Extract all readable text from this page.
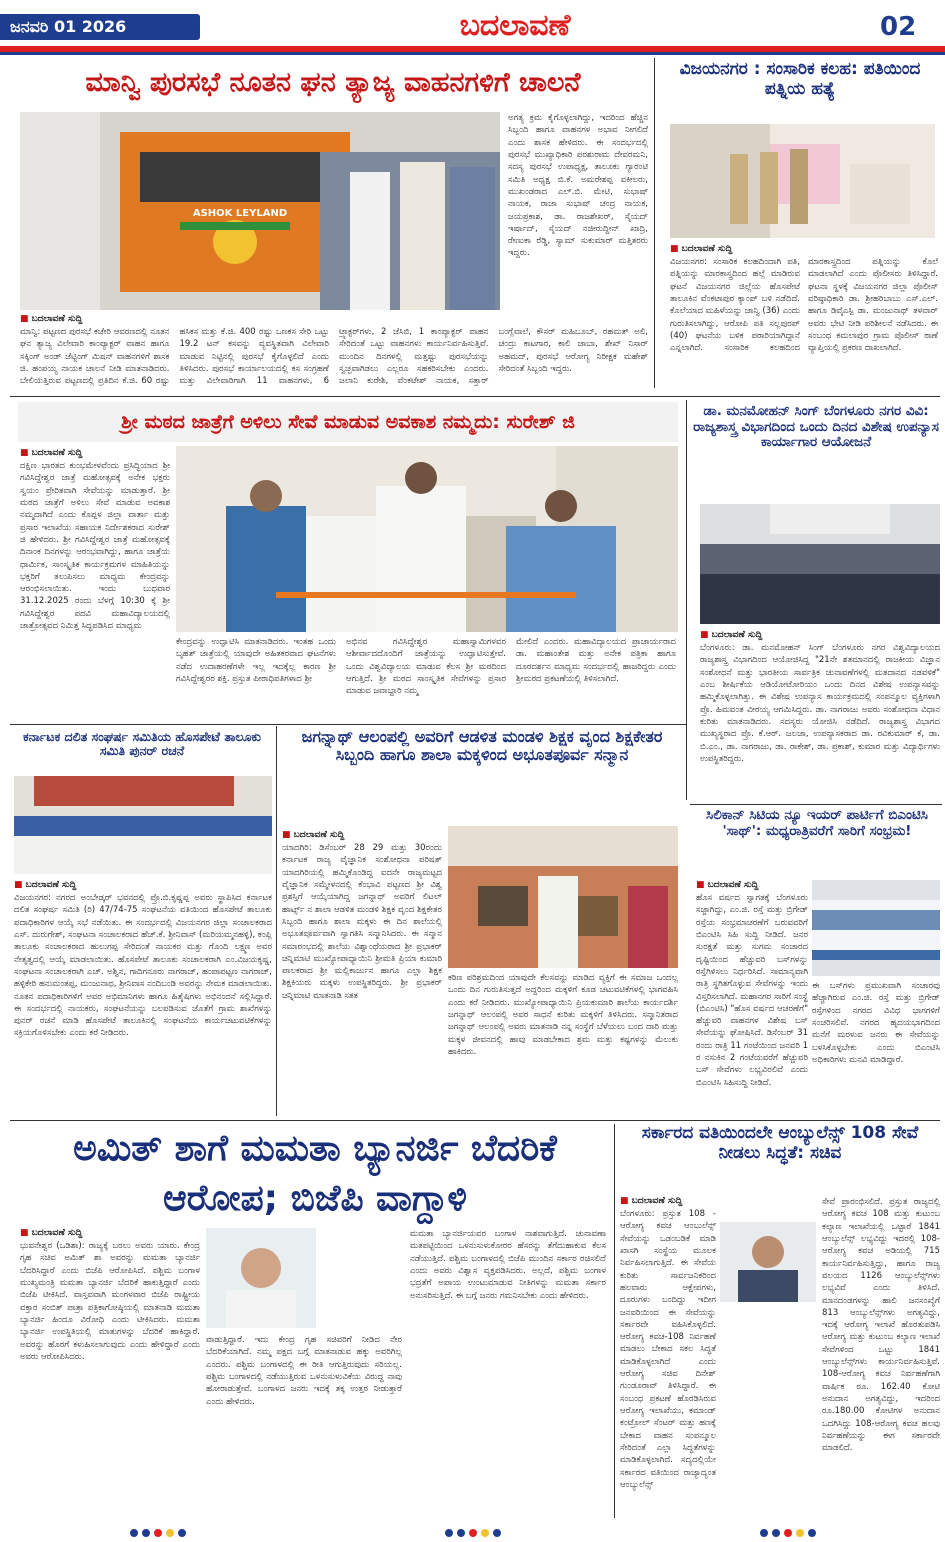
ಜನವರಿ 01 2026	ಬದಲಾವಣೆ	02
ಮಾನ್ವಿ ಪುರಸಭೆ ನೂತನ ಘನ ತ್ಯಾಜ್ಯ ವಾಹನಗಳಿಗೆ ಚಾಲನೆ
ASHOK LEYLAND
■ ಬದಲಾವಣೆ ಸುದ್ದಿ
ಅಗತ್ಯ ಕ್ರಮ ಕೈಗೊಳ್ಳಲಾಗಿದ್ದು, ಇದರಿಂದ ಹೆಚ್ಚಿನ ಸಿಬ್ಬಂದಿ ಹಾಗೂ ವಾಹನಗಳ ಅಭಾವ ನೀಗಲಿದೆ ಎಂದು ಶಾಸಕ ಹೇಳಿದರು. ಈ ಸಂದರ್ಭದಲ್ಲಿ ಪುರಸಭೆ ಮುಖ್ಯಾಧಿಕಾರಿ ಪರಶುರಾಮ ದೇವರಮನಿ, ಸದಸ್ಯ ಪುರಸಭೆ ಉಪಾಧ್ಯಕ್ಷ, ತಾಲೂಕು ಗ್ಯಾರಂಟಿ ಸಮಿತಿ ಅಧ್ಯಕ್ಷ ಬಿ.ಕೆ. ಅಮರೇಶಪ್ಪ ವಕೀಲರು, ಮುಖಂಡರಾದ ಎಲ್.ಬಿ. ಮೇಟಿ, ಸುಭಾಷ್ ನಾಯಕ, ರಾಜಾ ಸುಭಾಷ್ ಚಂದ್ರ ನಾಯಕ, ಜಯಪ್ರಕಾಶ, ಡಾ. ರಾಜಶೇಖರ್, ಸೈಯದ್ ಇರ್ಷಾದ್, ಸೈಯದ್ ನಜೀರುದ್ದೀನ್ ಖಾದ್ರಿ, ರೇಣುಕಾ ರೆಡ್ಡಿ, ಸ್ಯಾಮ್ ಸುಕುಮಾರ್ ಮತ್ತಿತರರು ಇದ್ದರು.
ಮಾನ್ವಿ: ಪಟ್ಟಣದ ಪುರಸಭೆ ಕಚೇರಿ ಆವರಣದಲ್ಲಿ ನೂತನ ಘನ ತ್ಯಾಜ್ಯ ವಿಲೇವಾರಿ ಕಾಂಪ್ಯಾಕ್ಟರ್ ವಾಹನ ಹಾಗೂ ಸಕ್ಕಿಂಗ್ ಅಂಡ್ ಜೆಟ್ಟಿಂಗ್ ಮಿಷನ್ ವಾಹನಗಳಿಗೆ ಶಾಸಕ ಜಿ. ಹಂಪಯ್ಯ ನಾಯಕ ಚಾಲನೆ ನೀಡಿ ಮಾತನಾಡಿದರು. ಬೇಲಿಯತ್ತಿರುವ ಪಟ್ಟಣದಲ್ಲಿ ಪ್ರತಿದಿನ ಕೆ.ಜಿ. 60 ರಷ್ಟು ಹಸಿಕಸ ಮತ್ತು ಕೆ.ಜಿ. 400 ರಷ್ಟು ಒಣಕಸ ಸೇರಿ ಒಟ್ಟು 19.2 ಟನ್ ಕಸವನ್ನು ವ್ಯವಸ್ಥಿತವಾಗಿ ವಿಲೇವಾರಿ ಮಾಡುವ ನಿಟ್ಟಿನಲ್ಲಿ ಪುರಸಭೆ ಕೈಗೊಳ್ಳಲಿದೆ ಎಂದು ತಿಳಿಸಿದರು. ಪುರಸಭೆ ಕಾರ್ಯಾಲಯದಲ್ಲಿ ಕಸ ಸಂಗ್ರಹಣೆ ಮತ್ತು ವಿಲೇವಾರಿಗಾಗಿ 11 ವಾಹನಗಳು, 6 ಟ್ರ್ಯಾಕ್ಟರ್‌ಗಳು, 2 ಜೆಸಿಬಿ, 1 ಕಾಂಪ್ಯಾಕ್ಟರ್ ವಾಹನ ಸೇರಿದಂತೆ ಒಟ್ಟು ವಾಹನಗಳು ಕಾರ್ಯನಿರ್ವಹಿಸುತ್ತಿವೆ. ಮುಂದಿನ ದಿನಗಳಲ್ಲಿ ಮತ್ತಷ್ಟು ಪುರಸಭೆಯನ್ನು ಸ್ವಚ್ಛವಾಗಿಡಲು ಎಲ್ಲರೂ ಸಹಕರಿಸಬೇಕು ಎಂದರು. ಜಲಾನಿ ಕುರೇಶಿ, ವೆಂಕಟೇಶ್ ನಾಯಕ, ಸತ್ತಾರ್ ಬಂಗ್ಲೆವಾಲೆ, ಕೌಸರ್ ಮಹಿಬೂಬ್, ರಹಮತ್ ಅಲಿ, ಚಂದ್ರು ಕಾಟಗಾರ, ಕಾಲಿ ಜಾಬಾ, ಶೇಖ್ ನಿಸಾರ್ ಅಹಮದ್, ಪುರಸಭೆ ಆರೋಗ್ಯ ನಿರೀಕ್ಷಕ ಮಹೇಶ್ ಸೇರಿದಂತೆ ಸಿಬ್ಬಂದಿ ಇದ್ದರು.
ವಿಜಯನಗರ : ಸಂಸಾರಿಕ ಕಲಹ: ಪತಿಯಿಂದ ಪತ್ನಿಯ ಹತ್ಯೆ
■ ಬದಲಾವಣೆ ಸುದ್ದಿ
ವಿಜಯನಗರ: ಸಂಸಾರಿಕ ಕಲಹದಿಂದಾಗಿ ಪತಿ, ಪತ್ನಿಯನ್ನು ಮಾರಕಾಸ್ತ್ರದಿಂದ ಹಲ್ಲೆ ಮಾಡಿರುವ ಘಟನೆ ವಿಜಯನಗರ ಜಿಲ್ಲೆಯ ಹೊಸಪೇಟೆ ತಾಲೂಕಿನ ವೆಂಕಟಾಪುರ ಕ್ಯಾಂಪ್ ಬಳಿ ನಡೆದಿದೆ. ಕೊಲೆಯಾದ ಮಹಿಳೆಯನ್ನು ಜಾನ್ವಿ (36) ಎಂದು ಗುರುತಿಸಲಾಗಿದ್ದು, ಆರೋಪಿ ಪತಿ ಸಲ್ಲಪುರಪ್ (40) ಘಟನೆಯ ಬಳಿಕ ಪರಾರಿಯಾಗಿದ್ದಾನೆ ಎನ್ನಲಾಗಿದೆ. ಸಂಸಾರಿಕ ಕಲಹದಿಂದ ಮಾರಕಾಸ್ತ್ರದಿಂದ ಪತ್ನಿಯನ್ನು ಕೊಲೆ ಮಾಡಲಾಗಿದೆ ಎಂದು ಪೊಲೀಸರು ತಿಳಿಸಿದ್ದಾರೆ. ಘಟನಾ ಸ್ಥಳಕ್ಕೆ ವಿಜಯನಗರ ಜಿಲ್ಲಾ ಪೊಲೀಸ್ ವರಿಷ್ಠಾಧಿಕಾರಿ ಡಾ. ಶ್ರೀಹರಿಬಾಬು ಎಸ್.ಎಲ್. ಹಾಗೂ ಡಿವೈಎಸ್ಪಿ ಡಾ. ಮಂಜುನಾಥ್ ತಳವಾರ್ ಅವರು ಭೇಟಿ ನೀಡಿ ಪರಿಶೀಲನೆ ನಡೆಸಿದರು. ಈ ಸಂಬಂಧ ಕಮಲಾಪುರ ಗ್ರಾಮ ಪೊಲೀಸ್ ಠಾಣೆ ವ್ಯಾಪ್ತಿಯಲ್ಲಿ ಪ್ರಕರಣ ದಾಖಲಾಗಿದೆ.
ಶ್ರೀ ಮಠದ ಜಾತ್ರೆಗೆ ಅಳಿಲು ಸೇವೆ ಮಾಡುವ ಅವಕಾಶ ನಮ್ಮದು: ಸುರೇಶ್ ಜಿ
■ ಬದಲಾವಣೆ ಸುದ್ದಿ
ದಕ್ಷಿಣ ಭಾರತದ ಕುಂಭಮೇಳವೆಂದು ಪ್ರಸಿದ್ಧಿಯಾದ ಶ್ರೀ ಗವಿಸಿದ್ದೇಶ್ವರ ಜಾತ್ರೆ ಮಹೋತ್ಸವಕ್ಕೆ ಅನೇಕ ಭಕ್ತರು ಸ್ವಯಂ ಪ್ರೇರಿತವಾಗಿ ಸೇವೆಯನ್ನು ಮಾಡುತ್ತಾರೆ. ಶ್ರೀ ಮಠದ ಜಾತ್ರೆಗೆ ಅಳಿಲು ಸೇವೆ ಮಾಡುವ ಅವಕಾಶ ನಮ್ಮದಾಗಿದೆ ಎಂದು ಕೊಪ್ಪಳ ಜಿಲ್ಲಾ ವಾರ್ತಾ ಮತ್ತು ಪ್ರಸಾರ ಇಲಾಖೆಯ ಸಹಾಯಕ ನಿರ್ದೇಶಕರಾದ ಸುರೇಶ್ ಜಿ ಹೇಳಿದರು. ಶ್ರೀ ಗವಿಸಿದ್ದೇಶ್ವರ ಜಾತ್ರೆ ಮಹೋತ್ಸವಕ್ಕೆ ದಿನಾಂಕ ದಿನಗಳನ್ನು ಆರಂಭವಾಗಿದ್ದು, ಹಾಗೂ ಜಾತ್ರೆಯ ಧಾರ್ಮಿಕ, ಸಾಂಸ್ಕೃತಿಕ ಕಾರ್ಯಕ್ರಮಗಳ ಮಾಹಿತಿಯನ್ನು ಭಕ್ತರಿಗೆ ತಲುಪಿಸಲು ಮಾಧ್ಯಮ ಕೇಂದ್ರವನ್ನು ಆರಂಭಿಸಲಾಯಿತು. ಇಂದು ಬುಧವಾರ 31.12.2025 ರಂದು ಬೆಳಗ್ಗೆ 10:30 ಕ್ಕೆ ಶ್ರೀ ಗವಿಸಿದ್ದೇಶ್ವರ ಪದವಿ ಮಹಾವಿದ್ಯಾಲಯದಲ್ಲಿ ಜಾತ್ರೋತ್ಸವದ ನಿಮಿತ್ತ ಸಿದ್ಧಪಡಿಸಿದ ಮಾಧ್ಯಮ
ಕೇಂದ್ರವನ್ನು ಉದ್ಘಾಟಿಸಿ ಮಾತನಾಡಿದರು. ಇಂತಹ ಒಂದು ಬೃಹತ್ ಜಾತ್ರೆಯಲ್ಲಿ ಯಾವುದೇ ಅಹಿತಕರವಾದ ಘಟನೆಗಳು ನಡೆದ ಉದಾಹರಣೆಗಳೇ ಇಲ್ಲ ಇದಕ್ಕೆಲ್ಲ ಕಾರಣ ಶ್ರೀ ಗವಿಸಿದ್ದೇಶ್ವರರ ಶಕ್ತಿ. ಪ್ರಸ್ತುತ ಪೀಠಾಧಿಪತಿಗಳಾದ ಶ್ರೀ
ಅಭಿನವ ಗವಿಸಿದ್ದೇಶ್ವರ ಮಹಾಸ್ವಾಮಿಗಳವರ ಆಶೀರ್ವಾದದೊಂದಿಗೆ ಜಾತ್ರೆಯನ್ನು ಉದ್ಘಾಟಿಸುತ್ತೇವೆ. ಒಂದು ವಿಶ್ವವಿದ್ಯಾಲಯ ಮಾಡುವ ಕೆಲಸ ಶ್ರೀ ಮಠದಿಂದ ಆಗುತ್ತಿದೆ. ಶ್ರೀ ಮಠದ ಸಾಂಸ್ಕೃತಿಕ ಸೇವೆಗಳನ್ನು ಪ್ರಸಾರ ಮಾಡುವ ಜವಾಬ್ದಾರಿ ನಮ್ಮ
ಮೇಲಿದೆ ಎಂದರು. ಮಹಾವಿದ್ಯಾಲಯದ ಪ್ರಾಚಾರ್ಯರಾದ ಡಾ. ಮಹಾಂತೇಶ ಮತ್ತು ಅನೇಕ ಪತ್ರಿಕಾ ಹಾಗೂ ದೂರದರ್ಶನ ಮಾಧ್ಯಮ ಸಂದರ್ಭದಲ್ಲಿ ಹಾಜರಿದ್ದರು ಎಂದು ಶ್ರೀಮಠದ ಪ್ರಕಟಣೆಯಲ್ಲಿ ತಿಳಿಸಲಾಗಿದೆ.
ಡಾ. ಮನಮೋಹನ್ ಸಿಂಗ್ ಬೆಂಗಳೂರು ನಗರ ವಿವಿ: ರಾಜ್ಯಶಾಸ್ತ್ರ ವಿಭಾಗದಿಂದ ಒಂದು ದಿನದ ವಿಶೇಷ ಉಪನ್ಯಾಸ ಕಾರ್ಯಾಗಾರ ಆಯೋಜನೆ
■ ಬದಲಾವಣೆ ಸುದ್ದಿ
ಬೆಂಗಳೂರು: ಡಾ. ಮನಮೋಹನ್ ಸಿಂಗ್ ಬೆಂಗಳೂರು ನಗರ ವಿಶ್ವವಿದ್ಯಾಲಯದ ರಾಜ್ಯಶಾಸ್ತ್ರ ವಿಭಾಗದಿಂದ ಆಯೋಜಿಸಿದ್ದ "21ನೇ ಶತಮಾನದಲ್ಲಿ ರಾಜಕೀಯ ವಿಜ್ಞಾನ ಸಂಶೋಧನೆ ಮತ್ತು ಭಾರತೀಯ ಸಾರ್ವತ್ರಿಕ ಚುನಾವಣೆಗಳಲ್ಲಿ ಮತದಾನದ ನಡವಳಿಕೆ" ಎಂಬ ಶೀರ್ಷಿಕೆಯ ಆಡಿಯೋಟೋರಿಯಂ ಒಂದು ದಿನದ ವಿಶೇಷ ಉಪನ್ಯಾಸವನ್ನು ಹಮ್ಮಿಕೊಳ್ಳಲಾಗಿತ್ತು. ಈ ವಿಶೇಷ ಉಪನ್ಯಾಸ ಕಾರ್ಯಕ್ರಮದಲ್ಲಿ ಸಂಪನ್ಮೂಲ ವ್ಯಕ್ತಿಗಳಾಗಿ ಪ್ರೊ. ಹಿಮವಂತ ವೀರಯ್ಯ ಆಗಮಿಸಿದ್ದರು. ಡಾ. ನಾಗರಾಜು ಅವರು ಸಂಶೋಧನಾ ವಿಧಾನ ಕುರಿತು ಮಾತನಾಡಿದರು. ಸದಸ್ಯರು ಯೋಜಿಸಿ ನಡೆದಿದೆ. ರಾಜ್ಯಶಾಸ್ತ್ರ ವಿಭಾಗದ ಮುಖ್ಯಸ್ಥರಾದ ಪ್ರೊ. ಕೆ.ಆರ್. ಜಲಜಾ, ಉಪನ್ಯಾಸಕರಾದ ಡಾ. ರವಿಕುಮಾರ್ ಕೆ, ಡಾ. ಬಿ.ಎಂ., ಡಾ. ನಾಗರಾಜು, ಡಾ. ರಾಕೇಶ್, ಡಾ. ಪ್ರಕಾಶ್, ಕುಮಾರ ಮತ್ತು ವಿದ್ಯಾರ್ಥಿಗಳು ಉಪಸ್ಥಿತರಿದ್ದರು.
ಕರ್ನಾಟಕ ದಲಿತ ಸಂಘರ್ಷ ಸಮಿತಿಯ ಹೊಸಪೇಟೆ ತಾಲೂಕು ಸಮಿತಿ ಪುನರ್ ರಚನೆ
■ ಬದಲಾವಣೆ ಸುದ್ದಿ
ವಿಜಯನಗರ: ನಗರದ ಅಂಬೇಡ್ಕರ್ ಭವನದಲ್ಲಿ ಪ್ರೊ.ಬಿ.ಕೃಷ್ಣಪ್ಪ ಅವರು ಸ್ಥಾಪಿಸಿದ ಕರ್ನಾಟಕ ದಲಿತ ಸಂಘರ್ಷ ಸಮಿತಿ (ರಿ) 47/74-75 ಸಂಘಟನೆಯ ವತಿಯಿಂದ ಹೊಸಪೇಟೆ ತಾಲೂಕು ಪದಾಧಿಕಾರಿಗಳ ಆಯ್ಕೆ ಸಭೆ ನಡೆಯಿತು. ಈ ಸಂದರ್ಭದಲ್ಲಿ ವಿಜಯನಗರ ಜಿಲ್ಲಾ ಸಂಚಾಲಕರಾದ ಎಸ್. ದುರುಗೇಶ್, ಸಂಘಟನಾ ಸಂಚಾಲಕರಾದ ಹೆಚ್.ಕೆ. ಶ್ರೀನಿವಾಸ್ (ಮರಿಯಮ್ಮನಹಳ್ಳಿ), ಕಂಪ್ಲಿ ತಾಲೂಕು ಸಂಚಾಲಕರಾದ ಹುಲುಗಪ್ಪ ಸೇರಿದಂತೆ ನಾಯಕರ ಮತ್ತು ಗೊಂದಿ ಲಕ್ಷ್ಮಣ ಅವರ ನೇತೃತ್ವದಲ್ಲಿ ಆಯ್ಕೆ ಮಾಡಲಾಯಿತು. ಹೊಸಪೇಟೆ ತಾಲೂಕು ಸಂಚಾಲಕರಾಗಿ ಎಂ.ವಿಜಯಕೃಷ್ಣ, ಸಂಘಟನಾ ಸಂಚಾಲಕರಾಗಿ ಎಚ್. ಅಶ್ವಿನ, ಗಾದಿಗನೂರು ನಾಗರಾಜ್, ಹಂಪಾಪಟ್ಟಣ ನಾಗರಾಜ್, ಹಳ್ಳಿಕೇರಿ ಹನುಮಂತಪ್ಪ, ಮಂಜುನಾಥ, ಶ್ರೀನಿವಾಸ ನಂದಿಬಂಡಿ ಅವರನ್ನು ನೇಮಕ ಮಾಡಲಾಯಿತು. ನೂತನ ಪದಾಧಿಕಾರಿಗಳಿಗೆ ಅವರ ಅಭಿಮಾನಿಗಳು ಹಾಗೂ ಹಿತೈಷಿಗಳು ಅಭಿನಂದನೆ ಸಲ್ಲಿಸಿದ್ದಾರೆ. ಈ ಸಂದರ್ಭದಲ್ಲಿ ನಾಯಕರು, ಸಂಘಟನೆಯನ್ನು ಬಲಪಡಿಸುವ ಜೊತೆಗೆ ಗ್ರಾಮ ಶಾಖೆಗಳನ್ನು ಪುನರ್ ರಚನೆ ಮಾಡಿ ಹೊಸಪೇಟೆ ತಾಲೂಕಿನಲ್ಲಿ ಸಂಘಟನೆಯ ಕಾರ್ಯಚಟುವಟಿಕೆಗಳನ್ನು ಸಕ್ರಿಯಗೊಳಿಸಬೇಕು ಎಂದು ಕರೆ ನೀಡಿದರು.
ಜಗನ್ನಾಥ್ ಆಲಂಪಲ್ಲಿ ಅವರಿಗೆ ಆಡಳಿತ ಮಂಡಳಿ ಶಿಕ್ಷಕ ವೃಂದ ಶಿಕ್ಷಕೇತರ ಸಿಬ್ಬಂದಿ ಹಾಗೂ ಶಾಲಾ ಮಕ್ಕಳಿಂದ ಅಭೂತಪೂರ್ವ ಸನ್ಮಾನ
■ ಬದಲಾವಣೆ ಸುದ್ದಿ
ಯಾದಗಿರಿ: ಡಿಸೆಂಬರ್ 28 29 ಮತ್ತು 30ರಂದು ಕರ್ನಾಟಕ ರಾಜ್ಯ ವೈಜ್ಞಾನಿಕ ಸಂಶೋಧನಾ ಪರಿಷತ್ ಯಾದಗಿರಿಯಲ್ಲಿ ಹಮ್ಮಿಕೊಂಡಿದ್ದ ಐದನೇ ರಾಜ್ಯಮಟ್ಟದ ವೈಜ್ಞಾನಿಕ ಸಮ್ಮೇಳನದಲ್ಲಿ ಕೆಂಭಾವಿ ಪಟ್ಟಣದ ಶ್ರೀ ವಿಶ್ವ ಪ್ರಶಸ್ತಿಗೆ ಆಯ್ಕೆಯಾಗಿದ್ದ ಜಗನ್ನಾಥ್ ಅವರಿಗೆ ಲಿಟಲ್ ಹಾರ್ಟ್ಸ್ ನ ಶಾಲಾ ಆಡಳಿತ ಮಂಡಳಿ ಶಿಕ್ಷಕ ವೃಂದ ಶಿಕ್ಷಕೇತರ ಸಿಬ್ಬಂದಿ ಹಾಗೂ ಶಾಲಾ ಮಕ್ಕಳು ಈ ದಿನ ಶಾಲೆಯಲ್ಲಿ ಅಭೂತಪೂರ್ವವಾಗಿ ಸ್ವಾಗತಿಸಿ ಸನ್ಮಾನಿಸಿದರು. ಈ ಸನ್ಮಾನ ಸಮಾರಂಭದಲ್ಲಿ ಶಾಲೆಯ ವಿಶ್ವಾಂಥೆಯರಾದ ಶ್ರೀ ಪ್ರಭಾಕರ್ ಚನ್ನಿಮಾಟಿ ಮುಖ್ಯೋಪಾಧ್ಯಾಯಿನಿ ಶ್ರೀಮತಿ ಪ್ರಿಯಾ ಕುಮಾರಿ ಪಾಲಕರಾದ ಶ್ರೀ ಮಲ್ಲಿಕಾರ್ಜುನ ಹಾಗೂ ಎಲ್ಲಾ ಶಿಕ್ಷಕ ಶಿಕ್ಷಕಿಯರು ಮಕ್ಕಳು ಉಪಸ್ಥಿತರಿದ್ದರು. ಶ್ರೀ ಪ್ರಭಾಕರ್ ಚನ್ನಿಮಾಟಿ ಮಾತನಾಡಿ ಸತತ
ಕಠಿಣ ಪರಿಶ್ರಮದಿಂದ ಯಾವುದೇ ಕೆಲಸವನ್ನು ಮಾಡಿದ ವ್ಯಕ್ತಿಗೆ ಈ ಸಮಾಜ ಒಂದಲ್ಲ ಒಂದು ದಿನ ಗುರುತಿಸುತ್ತದೆ ಅದ್ದರಿಂದ ಮಕ್ಕಳಿಗೆ ಕೂಡ ಚಟುವಟಿಕೆಗಳಲ್ಲಿ ಭಾಗವಹಿಸಿ ಎಂದು ಕರೆ ನೀಡಿದರು. ಮುಖ್ಯೋಪಾಧ್ಯಾಯಿನಿ ಪ್ರಿಯಕುಮಾರಿ ಶಾಲೆಯ ಕಾರ್ಯದರ್ಶಿ ಜಗನ್ನಾಥ್ ಆಲಂಪಲ್ಲಿ ಅವರ ಸಾಧನೆ ಕುರಿತು ಮಕ್ಕಳಿಗೆ ತಿಳಿಸಿದರು. ಸನ್ಮಾನಿತರಾದ ಜಗನ್ನಾಥ್ ಆಲಂಪಲ್ಲಿ ಅವರು ಮಾತನಾಡಿ ನನ್ನ ಸಂಸ್ಥೆಗೆ ಬೆಳೆಯಲು ಬಂದ ದಾರಿ ಮತ್ತು ಮಕ್ಕಳ ಜೀವನದಲ್ಲಿ ಹಾವು ಮಾಡಬೇಕಾದ ಶ್ರಮ ಮತ್ತು ಕಷ್ಟಗಳನ್ನು ಮೆಲುಕು ಹಾಕಿದರು.
ಸಿಲಿಕಾನ್ ಸಿಟಿಯ ನ್ಯೂ ಇಯರ್ ಪಾರ್ಟಿಗೆ ಬಿಎಂಟಿಸಿ 'ಸಾಥ್': ಮಧ್ಯರಾತ್ರಿವರೆಗೆ ಸಾರಿಗೆ ಸಂಭ್ರಮ!
■ ಬದಲಾವಣೆ ಸುದ್ದಿ
ಹೊಸ ವರ್ಷದ ಸ್ವಾಗತಕ್ಕೆ ಬೆಂಗಳೂರು ಸಜ್ಜಾಗಿದ್ದು, ಎಂ.ಜಿ. ರಸ್ತೆ ಮತ್ತು ಬ್ರಿಗೇಡ್ ರಸ್ತೆಯ ಸಂಭ್ರಮಾಚರಣೆಗೆ ಬರುವವರಿಗೆ ಬಿಎಂಟಿಸಿ ಸಿಹಿ ಸುದ್ದಿ ನೀಡಿದೆ. ಜನರ ಸುರಕ್ಷತೆ ಮತ್ತು ಸುಗಮ ಸಂಚಾರದ ದೃಷ್ಟಿಯಿಂದ ಹೆಚ್ಚುವರಿ ಬಸ್‌ಗಳನ್ನು ರಸ್ತೆಗಿಳಿಸಲು ನಿರ್ಧರಿಸಿದೆ. ಸಾಮಾನ್ಯವಾಗಿ ರಾತ್ರಿ ಸ್ಥಗಿತಗೊಳ್ಳುವ ಸೇವೆಗಳನ್ನು ಇಂದು ವಿಸ್ತರಿಸಲಾಗಿದೆ. ಮಹಾನಗರ ಸಾರಿಗೆ ಸಂಸ್ಥೆ (ಬಿಎಂಟಿಸಿ) "ಹೊಸ ವರ್ಷದ ಆಚರಣೆಗೆ" ಹೆಚ್ಚುವರಿ ವಾಹನಗಳ ವಿಶೇಷ ಬಸ್ ಸೇವೆಯನ್ನು ಘೋಷಿಸಿದೆ. ಡಿಸೆಂಬರ್ 31 ರಂದು ರಾತ್ರಿ 11 ಗಂಟೆಯಿಂದ ಜನವರಿ 1 ರ ನಸುಕಿನ 2 ಗಂಟೆಯವರೆಗೆ ಹೆಚ್ಚುವರಿ ಬಸ್ ಸೇವೆಗಳು ಲಭ್ಯವಿರಲಿವೆ ಎಂದು ಬಿಎಂಟಿಸಿ ಸಿಹಿಸುದ್ದಿ ನೀಡಿದೆ.
ಈ ಬಸ್‌ಗಳು ಪ್ರಮುಖವಾಗಿ ಸಂಚಾರವು ಹೆಚ್ಚಾಗಿರುವ ಎಂ.ಜಿ. ರಸ್ತೆ ಮತ್ತು ಬ್ರಿಗೇಡ್ ರಸ್ತೆಗಳಿಂದ ನಗರದ ವಿವಿಧ ಭಾಗಗಳಿಗೆ ಸಂಚರಿಸಲಿವೆ. ನಗರದ ಹೃದಯಭಾಗದಿಂದ ಮನೆಗೆ ಮರಳುವ ಜನರು ಈ ಸೇವೆಯನ್ನು ಬಳಸಿಕೊಳ್ಳಬೇಕು ಎಂದು ಬಿಎಂಟಿಸಿ ಅಧಿಕಾರಿಗಳು ಮನವಿ ಮಾಡಿದ್ದಾರೆ.
ಅಮಿತ್ ಶಾಗೆ ಮಮತಾ ಬ್ಯಾನರ್ಜಿ ಬೆದರಿಕೆ ಆರೋಪ; ಬಿಜೆಪಿ ವಾಗ್ದಾಳಿ
■ ಬದಲಾವಣೆ ಸುದ್ದಿ
ಭುವನೇಶ್ವರ (ಒಡಿಶಾ): ರಾಜ್ಯಕ್ಕೆ ಬರಲು ಅವರು ಯಾರು. ಕೇಂದ್ರ ಗೃಹ ಸಚಿವ ಅಮಿತ್ ಶಾ ಅವರನ್ನು ಮಮತಾ ಬ್ಯಾನರ್ಜಿ ಬೆದರಿಸಿದ್ದಾರೆ ಎಂದು ಬಿಜೆಪಿ ಆರೋಪಿಸಿದೆ. ಪಶ್ಚಿಮ ಬಂಗಾಳ ಮುಖ್ಯಮಂತ್ರಿ ಮಮತಾ ಬ್ಯಾನರ್ಜಿ ಬೆದರಿಕೆ ಹಾಕುತ್ತಿದ್ದಾರೆ ಎಂದು ಬಿಜೆಪಿ ಟೀಕಿಸಿದೆ. ವಾಸ್ತವವಾಗಿ ಮಂಗಳವಾರ ಬಿಜೆಪಿ ರಾಷ್ಟ್ರೀಯ ವಕ್ತಾರ ಸಂಬಿತ್ ಪಾತ್ರಾ ಪತ್ರಿಕಾಗೋಷ್ಠಿಯಲ್ಲಿ ಮಾತನಾಡಿ ಮಮತಾ ಬ್ಯಾನರ್ಜಿ ಹಿಂದೂ ವಿರೋಧಿ ಎಂದು ಟೀಕಿಸಿದರು. ಮಮತಾ ಬ್ಯಾನರ್ಜಿ ಉಪಸ್ಥಿತಿಯಲ್ಲಿ ಮಾತುಗಳನ್ನು ಬೆದರಿಕೆ ಹಾಕಿದ್ದಾರೆ. ಅವರನ್ನು ಹೊರಗೆ ಕಳುಹಿಸಲಾಗುವುದು ಎಂದು ಹೇಳಿದ್ದಾರೆ ಎಂದು ಅವರು ಆರೋಪಿಸಿದರು.
ವಾಡುತ್ತಿದ್ದಾರೆ. ಇದು ಕೇಂದ್ರ ಗೃಹ ಸಚಿವರಿಗೆ ನೀಡಿದ ನೇರ ಬೆದರಿಕೆಯಾಗಿದೆ. ನಮ್ಮ ಪಕ್ಷದ ಬಗ್ಗೆ ಮಾತನಾಡುವ ಹಕ್ಕು ಅವರಿಗಿಲ್ಲ ಎಂದರು. ಪಶ್ಚಿಮ ಬಂಗಾಳದಲ್ಲಿ ಈ ರೀತಿ ಆಗುತ್ತಿರುವುದು ಸರಿಯಲ್ಲ. ಪಶ್ಚಿಮ ಬಂಗಾಳದಲ್ಲಿ ನಡೆಯುತ್ತಿರುವ ಒಳನುಸುಳುವಿಕೆಯ ವಿರುದ್ಧ ನಾವು ಹೋರಾಡುತ್ತೇವೆ. ಬಂಗಾಳದ ಜನರು ಇದಕ್ಕೆ ತಕ್ಕ ಉತ್ತರ ನೀಡುತ್ತಾರೆ ಎಂದು ಹೇಳಿದರು.
ಮಮತಾ ಬ್ಯಾನರ್ಜಿಯವರ ಬಂಗಾಳ ನಾಶವಾಗುತ್ತಿದೆ. ಚುನಾವಣಾ ಮತಪಟ್ಟಿಯಿಂದ ಒಳನುಸುಳುಕೋರರ ಹೆಸರನ್ನು ತೆಗೆದುಹಾಕುವ ಕೆಲಸ ನಡೆಯುತ್ತಿದೆ. ಪಶ್ಚಿಮ ಬಂಗಾಳದಲ್ಲಿ ಬಿಜೆಪಿ ಮುಂದಿನ ಸರ್ಕಾರ ರಚಿಸಲಿದೆ ಎಂದು ಅವರು ವಿಶ್ವಾಸ ವ್ಯಕ್ತಪಡಿಸಿದರು. ಅಲ್ಲದೆ, ಪಶ್ಚಿಮ ಬಂಗಾಳ ಭದ್ರತೆಗೆ ಅಪಾಯ ಉಂಟುಮಾಡುವ ನೀತಿಗಳನ್ನು ಮಮತಾ ಸರ್ಕಾರ ಅನುಸರಿಸುತ್ತಿದೆ. ಈ ಬಗ್ಗೆ ಜನರು ಗಮನಿಸಬೇಕು ಎಂದು ಹೇಳಿದರು.
ಸರ್ಕಾರದ ವತಿಯಿಂದಲೇ ಆಂಬ್ಯುಲೆನ್ಸ್ 108 ಸೇವೆ ನೀಡಲು ಸಿದ್ಧತೆ: ಸಚಿವ
■ ಬದಲಾವಣೆ ಸುದ್ದಿ
ಬೆಂಗಳೂರು: ಪ್ರಸ್ತುತ 108 - ಆರೋಗ್ಯ ಕವಚ ಆಂಬುಲೆನ್ಸ್ ಸೇವೆಯನ್ನು ಒಡಂಬಡಿಕೆ ಮಾಡಿ ಖಾಸಗಿ ಸಂಸ್ಥೆಯ ಮೂಲಕ ನಿರ್ವಹಿಸಲಾಗುತ್ತಿದೆ. ಈ ಸೇವೆಯ ಕುರಿತು ಸಾರ್ವಜನಿಕರಿಂದ ಹಲವಾರು ಆಕ್ಷೇಪಗಳು, ದೂರುಗಳು ಬಂದಿದ್ದು ಇದೀಗ ಜನವರಿಯಿಂದ ಈ ಸೇವೆಯನ್ನು ಸರ್ಕಾರವೇ ವಹಿಸಿಕೊಳ್ಳಲಿದೆ. ಆರೋಗ್ಯ ಕವಚ-108 ನಿರ್ವಹಣೆ ಮಾಡಲು ಬೇಕಾದ ಸಕಲ ಸಿದ್ಧತೆ ಮಾಡಿಕೊಳ್ಳಲಾಗಿದೆ ಎಂದು ಆರೋಗ್ಯ ಸಚಿವ ದಿನೇಶ್ ಗುಂಡೂರಾವ್ ತಿಳಿಸಿದ್ದಾರೆ. ಈ ಸಂಬಂಧ ಪ್ರಕಟಣೆ ಹೊರಡಿಸಿರುವ ಆರೋಗ್ಯ ಇಲಾಖೆಯು, ಕಮಾಂಡ್ ಕಂಟ್ರೋಲ್ ಸೆಂಟರ್ ಮತ್ತು ಹಣಕ್ಕೆ ಬೇಕಾದ ವಾಹನ ಸಂಪನ್ಮೂಲ ಸೇರಿದಂತೆ ಎಲ್ಲಾ ಸಿದ್ಧತೆಗಳನ್ನು ಮಾಡಿಕೊಳ್ಳಲಾಗಿದೆ. ಸದ್ಯದಲ್ಲಿಯೇ ಸರ್ಕಾರದ ವತಿಯಿಂದ ರಾಜ್ಯಾದ್ಯಂತ ಆಂಬ್ಯುಲೆನ್ಸ್
ಸೇವೆ ಪ್ರಾರಂಭಿಸಲಿದೆ. ಪ್ರಸ್ತುತ ರಾಜ್ಯದಲ್ಲಿ ಆರೋಗ್ಯ ಕವಚ 108 ಮತ್ತು ಕುಟುಂಬ ಕಲ್ಯಾಣ ಇಲಾಖೆಯಲ್ಲಿ ಒಟ್ಟಾರೆ 1841 ಆಂಬ್ಯುಲೆನ್ಸ್ ಲಭ್ಯವಿದ್ದು ಇದರಲ್ಲಿ 108-ಆರೋಗ್ಯ ಕವಚ ಅಡಿಯಲ್ಲಿ 715 ಕಾರ್ಯನಿರ್ವಹಿಸುತ್ತಿದ್ದು, ಹಾಗೂ ರಾಜ್ಯ ವಲಯದ 1126 ಆಂಬ್ಯುಲೆನ್ಸ್‌ಗಳು ಲಭ್ಯವಿವೆ ಎಂದು ತಿಳಿಸಿದೆ. ಮಾನದಂಡಗಳನ್ನು ಹಾಲಿ ಜನಸಂಖ್ಯೆಗೆ 813 ಆಂಬ್ಯುಲೆನ್ಸ್‌ಗಳು ಅಗತ್ಯವಿದ್ದು, ಇದಕ್ಕೆ ಆರೋಗ್ಯ ಇಲಾಖೆ ಹೊರತುಪಡಿಸಿ ಆರೋಗ್ಯ ಮತ್ತು ಕುಟುಂಬ ಕಲ್ಯಾಣ ಇಲಾಖೆ ಸೇವೆಗಳಿಂದ ಒಟ್ಟು 1841 ಆಂಬ್ಯುಲೆನ್ಸ್‌ಗಳು ಕಾರ್ಯನಿರ್ವಹಿಸುತ್ತಿವೆ. 108-ಆರೋಗ್ಯ ಕವಚ ನಿರ್ವಹಣೆಗಾಗಿ ವಾರ್ಷಿಕ ರೂ. 162.40 ಕೋಟಿ ಅನುದಾನ ಅಗತ್ಯವಿದ್ದು, ಇದರಿಂದ ರೂ.180.00 ಕೋಟಿಗಳ ಅನುದಾನ ಒದಗಿಸಿದ್ದು 108-ಆರೋಗ್ಯ ಕವಚ ಹಲವು ನಿರ್ವಹಣೆಯನ್ನು ಈಗ ಸರ್ಕಾರವೇ ಮಾಡಲಿದೆ.
